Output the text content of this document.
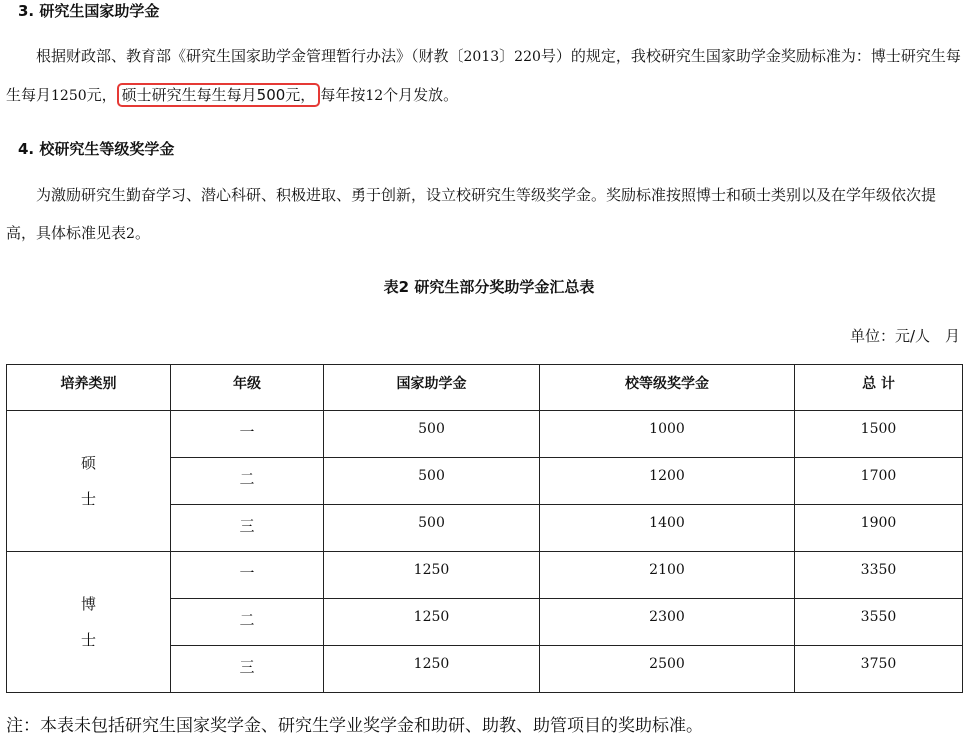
3. 研究生国家助学金

根据财政部、教育部《研究生国家助学金管理暂行办法》（财教〔2013〕220号）的规定，我校研究生国家助学金奖励标准为：博士研究生每生每月1250元， 硕士研究生每生每月500元， 每年按12个月发放。

4. 校研究生等级奖学金

为激励研究生勤奋学习、潜心科研、积极进取、勇于创新，设立校研究生等级奖学金。奖励标准按照博士和硕士类别以及在学年级依次提高，具体标准见表2。

表2 研究生部分奖助学金汇总表
单位：元/人　月
培养类别	年级	国家助学金	校等级奖学金	总 计

硕
士	一	500	1000	1500
	二	500	1200	1700
	三	500	1400	1900

博
士	一	1250	2100	3350
	二	1250	2300	3550
	三	1250	2500	3750
注：本表未包括研究生国家奖学金、研究生学业奖学金和助研、助教、助管项目的奖助标准。
